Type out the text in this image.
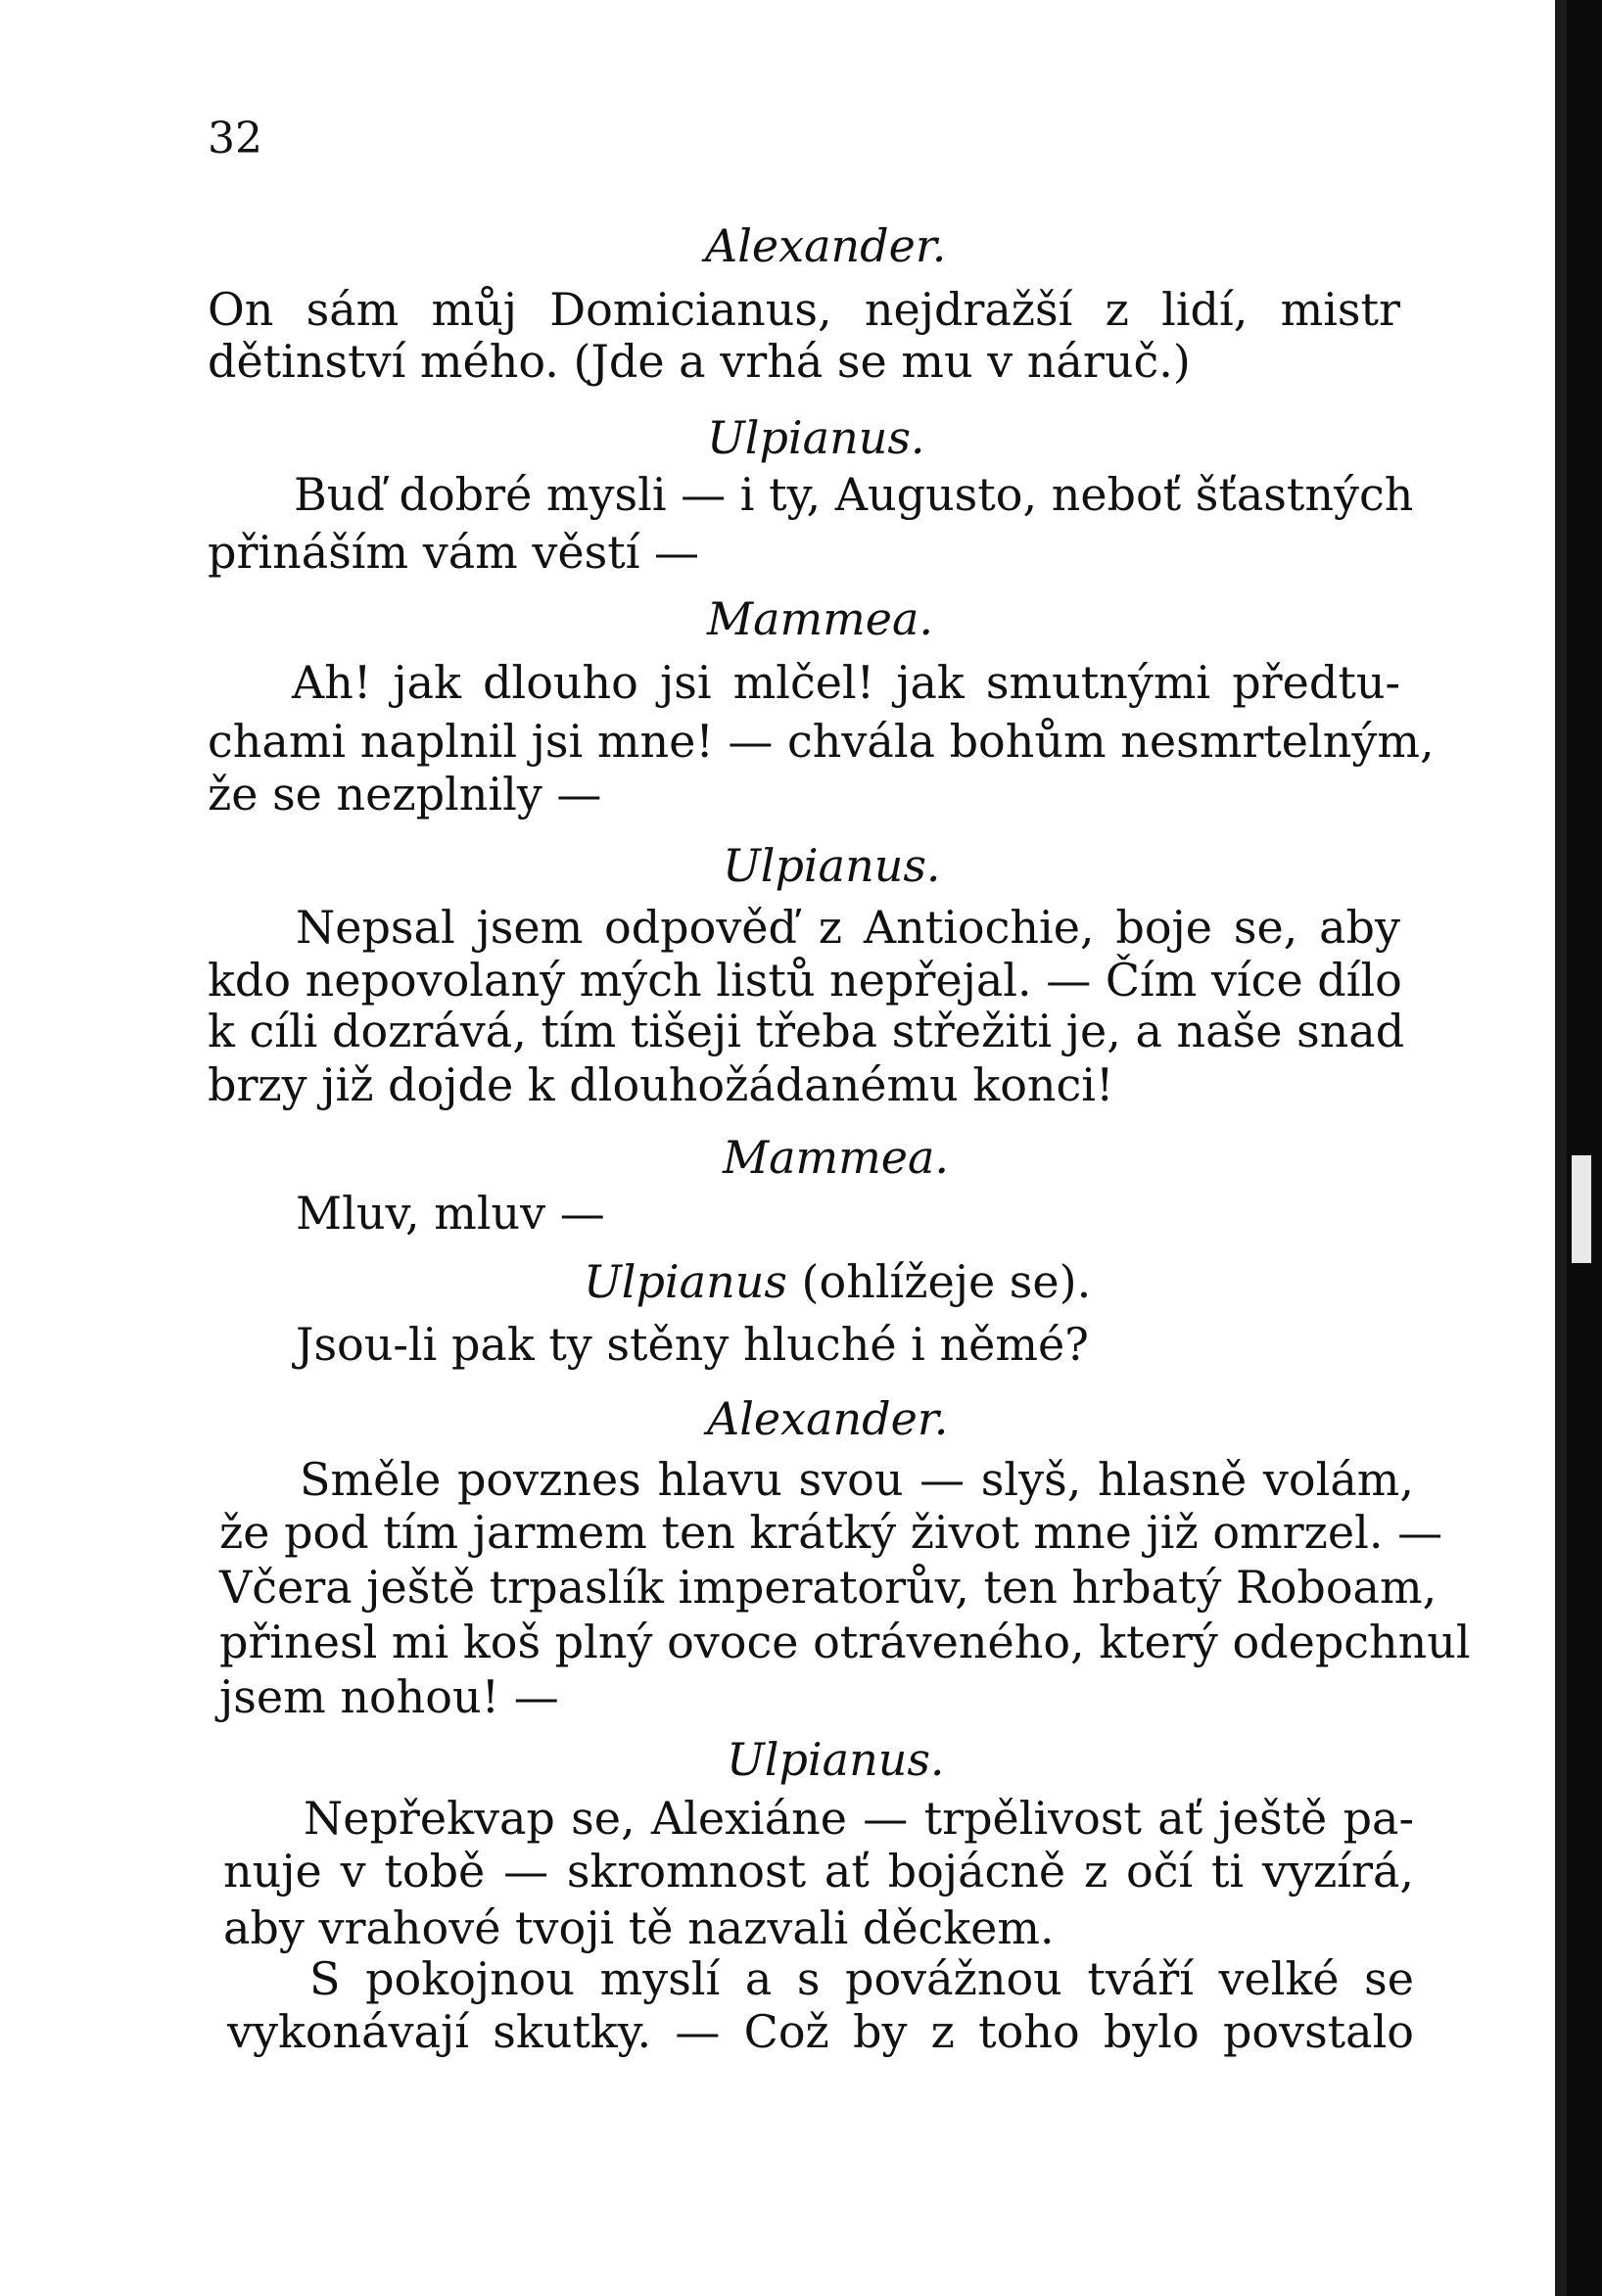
32
Alexander.
On sám můj Domicianus, nejdražší z lidí, mistr
dětinství mého. (Jde a vrhá se mu v náruč.)
Ulpianus.
Buď dobré mysli — i ty, Augusto, neboť šťastných
přináším vám věstí —
Mammea.
Ah! jak dlouho jsi mlčel! jak smutnými předtu-
chami naplnil jsi mne! — chvála bohům nesmrtelným,
že se nezplnily —
Ulpianus.
Nepsal jsem odpověď z Antiochie, boje se, aby
kdo nepovolaný mých listů nepřejal. — Čím více dílo
k cíli dozrává, tím tišeji třeba střežiti je, a naše snad
brzy již dojde k dlouhožádanému konci!
Mammea.
Mluv, mluv —
Ulpianus (ohlížeje se).
Jsou-li pak ty stěny hluché i němé?
Alexander.
Směle povznes hlavu svou — slyš, hlasně volám,
že pod tím jarmem ten krátký život mne již omrzel. —
Včera ještě trpaslík imperatorův, ten hrbatý Roboam,
přinesl mi koš plný ovoce otráveného, který odepchnul
jsem nohou! —
Ulpianus.
Nepřekvap se, Alexiáne — trpělivost ať ještě pa-
nuje v tobě — skromnost ať bojácně z očí ti vyzírá,
aby vrahové tvoji tě nazvali děckem.
S pokojnou myslí a s povážnou tváří velké se
vykonávají skutky. — Což by z toho bylo povstalo
